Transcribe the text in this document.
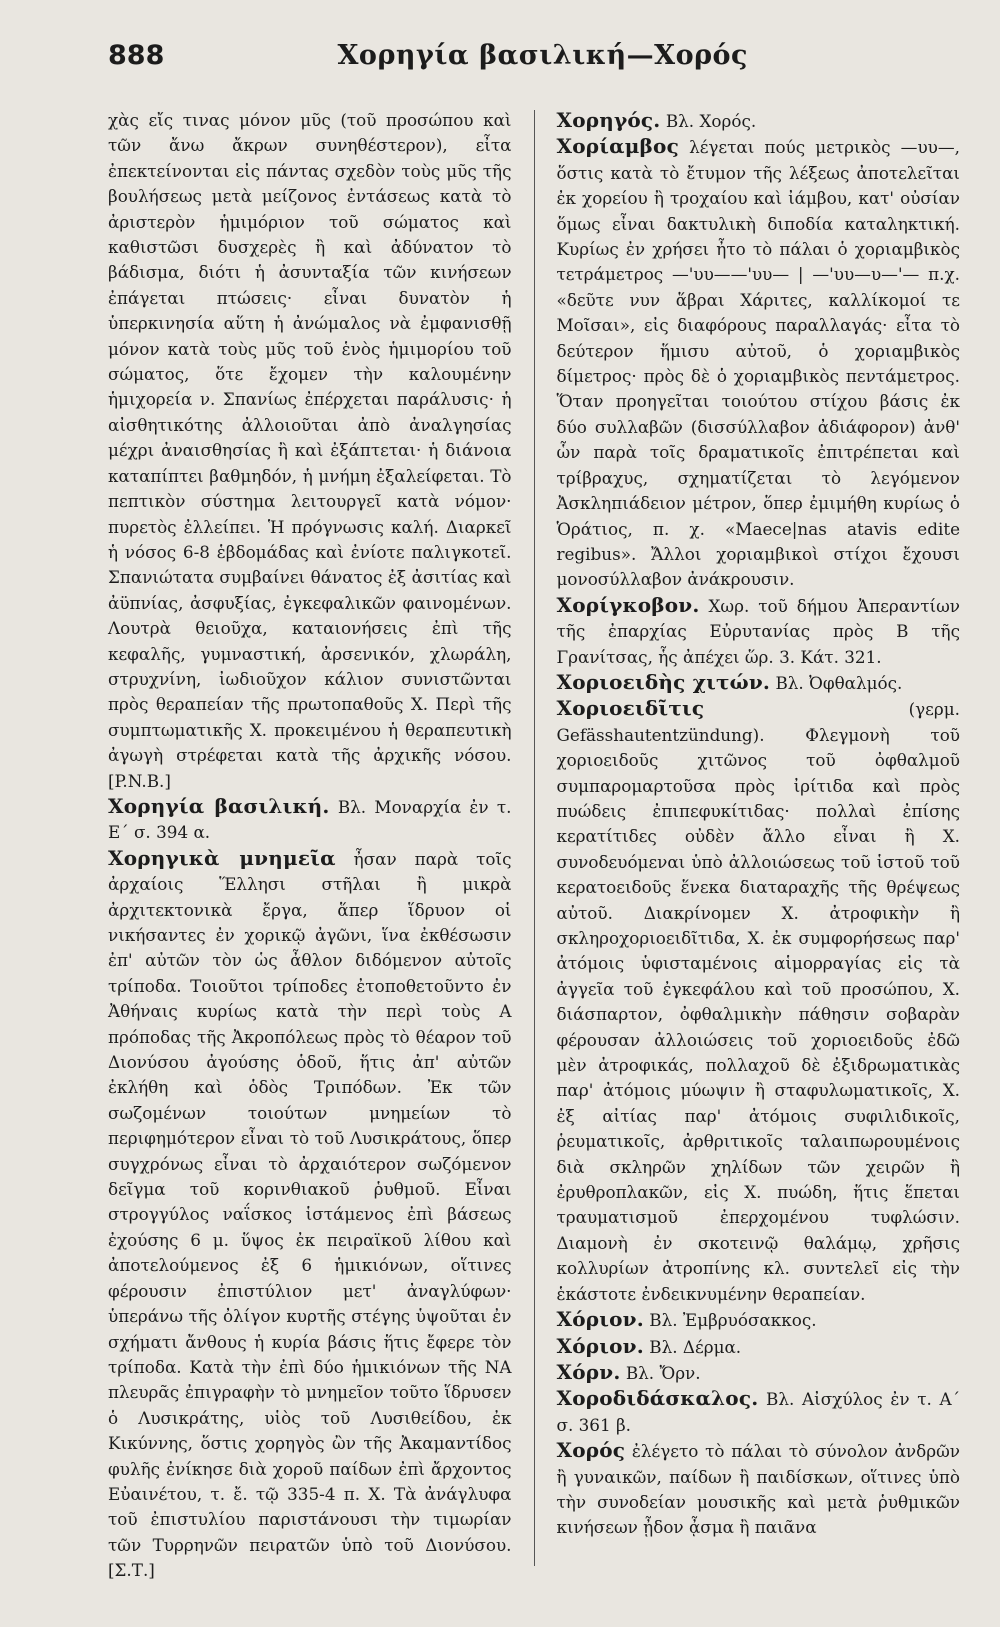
888	Χορηγία βασιλική—Χορός

χὰς εἴς τινας μόνον μῦς (τοῦ προσώπου καὶ τῶν ἄνω ἄκρων συνηθέστερον), εἶτα ἐπεκτείνονται εἰς πάντας σχεδὸν τοὺς μῦς τῆς βουλήσεως μετὰ μείζονος ἐντάσεως κατὰ τὸ ἀριστερὸν ἡμιμόριον τοῦ σώματος καὶ καθιστῶσι δυσχερὲς ἢ καὶ ἀδύνατον τὸ βάδισμα, διότι ἡ ἀσυνταξία τῶν κινήσεων ἐπάγεται πτώσεις· εἶναι δυνατὸν ἡ ὑπερκινησία αὕτη ἡ ἀνώμαλος νὰ ἐμφανισθῇ μόνον κατὰ τοὺς μῦς τοῦ ἑνὸς ἡμιμορίου τοῦ σώματος, ὅτε ἔχομεν τὴν καλουμένην ἡμιχορεία ν. Σπανίως ἐπέρχεται παράλυσις· ἡ αἰσθητικότης ἀλλοιοῦται ἀπὸ ἀναλγησίας μέχρι ἀναισθησίας ἢ καὶ ἐξάπτεται· ἡ διάνοια καταπίπτει βαθμηδόν, ἡ μνήμη ἐξαλείφεται. Τὸ πεπτικὸν σύστημα λειτουργεῖ κατὰ νόμον· πυρετὸς ἐλλείπει. Ἡ πρόγνωσις καλή. Διαρκεῖ ἡ νόσος 6-8 ἑβδομάδας καὶ ἐνίοτε παλιγκοτεῖ. Σπανιώτατα συμβαίνει θάνατος ἐξ ἀσιτίας καὶ ἀϋπνίας, ἀσφυξίας, ἐγκεφαλικῶν φαινομένων. Λουτρὰ θειοῦχα, καταιονήσεις ἐπὶ τῆς κεφαλῆς, γυμναστική, ἀρσενικόν, χλωράλη, στρυχνίνη, ἰωδιοῦχον κάλιον συνιστῶνται πρὸς θεραπείαν τῆς πρωτοπαθοῦς Χ. Περὶ τῆς συμπτωματικῆς Χ. προκειμένου ἡ θεραπευτικὴ ἀγωγὴ στρέφεται κατὰ τῆς ἀρχικῆς νόσου. [P.N.B.]

Χορηγία βασιλική. Βλ. Μοναρχία ἐν τ. Ε΄ σ. 394 α.

Χορηγικὰ μνημεῖα ἦσαν παρὰ τοῖς ἀρχαίοις Ἕλλησι στῆλαι ἢ μικρὰ ἀρχιτεκτονικὰ ἔργα, ἅπερ ἵδρυον οἱ νικήσαντες ἐν χορικῷ ἀγῶνι, ἵνα ἐκθέσωσιν ἐπ' αὐτῶν τὸν ὡς ἆθλον διδόμενον αὐτοῖς τρίποδα. Τοιοῦτοι τρίποδες ἐτοποθετοῦντο ἐν Ἀθήναις κυρίως κατὰ τὴν περὶ τοὺς Α πρόποδας τῆς Ἀκροπόλεως πρὸς τὸ θέαρον τοῦ Διονύσου ἀγούσης ὁδοῦ, ἥτις ἀπ' αὐτῶν ἐκλήθη καὶ ὁδὸς Τριπόδων. Ἐκ τῶν σωζομένων τοιούτων μνημείων τὸ περιφημότερον εἶναι τὸ τοῦ Λυσικράτους, ὅπερ συγχρόνως εἶναι τὸ ἀρχαιότερον σωζόμενον δεῖγμα τοῦ κορινθιακοῦ ῥυθμοῦ. Εἶναι στρογγύλος ναΐσκος ἱστάμενος ἐπὶ βάσεως ἐχούσης 6 μ. ὕψος ἐκ πειραϊκοῦ λίθου καὶ ἀποτελούμενος ἐξ 6 ἡμικιόνων, οἵτινες φέρουσιν ἐπιστύλιον μετ' ἀναγλύφων· ὑπεράνω τῆς ὀλίγον κυρτῆς στέγης ὑψοῦται ἐν σχήματι ἄνθους ἡ κυρία βάσις ἥτις ἔφερε τὸν τρίποδα. Κατὰ τὴν ἐπὶ δύο ἡμικιόνων τῆς ΝΑ πλευρᾶς ἐπιγραφὴν τὸ μνημεῖον τοῦτο ἵδρυσεν ὁ Λυσικράτης, υἱὸς τοῦ Λυσιθείδου, ἐκ Κικύννης, ὅστις χορηγὸς ὢν τῆς Ἀκαμαντίδος φυλῆς ἐνίκησε διὰ χοροῦ παίδων ἐπὶ ἄρχοντος Εὐαινέτου, τ. ἔ. τῷ 335-4 π. Χ. Τὰ ἀνάγλυφα τοῦ ἐπιστυλίου παριστάνουσι τὴν τιμωρίαν τῶν Τυρρηνῶν πειρατῶν ὑπὸ τοῦ Διονύσου. [Σ.Τ.]

Χορηγός. Βλ. Χορός.

Χορίαμβος λέγεται πούς μετρικὸς —υυ—, ὅστις κατὰ τὸ ἔτυμον τῆς λέξεως ἀποτελεῖται ἐκ χορείου ἢ τροχαίου καὶ ἰάμβου, κατ' οὐσίαν ὅμως εἶναι δακτυλικὴ διποδία καταληκτική. Κυρίως ἐν χρήσει ἦτο τὸ πάλαι ὁ χοριαμβικὸς τετράμετρος —'υυ——'υυ— | —'υυ—υ—'— π.χ. «δεῦτε νυν ἅβραι Χάριτες, καλλίκομοί τε Μοῖσαι», εἰς διαφόρους παραλλαγάς· εἶτα τὸ δεύτερον ἥμισυ αὐτοῦ, ὁ χοριαμβικὸς δίμετρος· πρὸς δὲ ὁ χοριαμβικὸς πεντάμετρος. Ὅταν προηγεῖται τοιούτου στίχου βάσις ἐκ δύο συλλαβῶν (δισσύλλαβον ἀδιάφορον) ἀνθ' ὧν παρὰ τοῖς δραματικοῖς ἐπιτρέπεται καὶ τρίβραχυς, σχηματίζεται τὸ λεγόμενον Ἀσκληπιάδειον μέτρον, ὅπερ ἐμιμήθη κυρίως ὁ Ὁράτιος, π. χ. «Maece|nas atavis edite regibus». Ἄλλοι χοριαμβικοὶ στίχοι ἔχουσι μονοσύλλαβον ἀνάκρουσιν.

Χορίγκοβον. Χωρ. τοῦ δήμου Ἀπεραντίων τῆς ἐπαρχίας Εὐρυτανίας πρὸς Β τῆς Γρανίτσας, ἧς ἀπέχει ὥρ. 3. Κάτ. 321.

Χοριοειδὴς χιτών. Βλ. Ὀφθαλμός.

Χοριοειδῖτις	(γερμ. Gefässhautentzündung). Φλεγμονὴ τοῦ χοριοειδοῦς χιτῶνος τοῦ ὀφθαλμοῦ συμπαρομαρτοῦσα πρὸς ἰρίτιδα καὶ πρὸς πυώδεις ἐπιπεφυκίτιδας· πολλαὶ ἐπίσης κερατίτιδες οὐδὲν ἄλλο εἶναι ἢ Χ. συνοδευόμεναι ὑπὸ ἀλλοιώσεως τοῦ ἱστοῦ τοῦ κερατοειδοῦς ἕνεκα διαταραχῆς τῆς θρέψεως αὐτοῦ. Διακρίνομεν Χ. ἀτροφικὴν ἢ σκληροχοριοειδῖτιδα, Χ. ἐκ συμφορήσεως παρ' ἀτόμοις ὑφισταμένοις αἱμορραγίας εἰς τὰ ἀγγεῖα τοῦ ἐγκεφάλου καὶ τοῦ προσώπου, Χ. διάσπαρτον, ὀφθαλμικὴν πάθησιν σοβαρὰν φέρουσαν ἀλλοιώσεις τοῦ χοριοειδοῦς ἐδῶ μὲν ἀτροφικάς, πολλαχοῦ δὲ ἐξιδρωματικὰς παρ' ἀτόμοις μύωψιν ἢ σταφυλωματικοῖς, Χ. ἐξ αἰτίας παρ' ἀτόμοις συφιλιδικοῖς, ῥευματικοῖς, ἀρθριτικοῖς ταλαιπωρουμένοις διὰ σκληρῶν χηλίδων τῶν χειρῶν ἢ ἐρυθροπλακῶν, εἰς Χ. πυώδη, ἥτις ἕπεται τραυματισμοῦ ἐπερχομένου τυφλώσιν. Διαμονὴ ἐν σκοτεινῷ θαλάμῳ, χρῆσις κολλυρίων ἀτροπίνης κλ. συντελεῖ εἰς τὴν ἑκάστοτε ἐνδεικνυμένην θεραπείαν.

Χόριον. Βλ. Ἐμβρυόσακκος.

Χόριον. Βλ. Δέρμα.

Χόρν. Βλ. Ὄρν.

Χοροδιδάσκαλος. Βλ. Αἰσχύλος ἐν τ. Α΄ σ. 361 β.

Χορός ἐλέγετο τὸ πάλαι τὸ σύνολον ἀνδρῶν ἢ γυναικῶν, παίδων ἢ παιδίσκων, οἵτινες ὑπὸ τὴν συνοδείαν μουσικῆς καὶ μετὰ ῥυθμικῶν κινήσεων ᾖδον ᾆσμα ἢ παιᾶνα
